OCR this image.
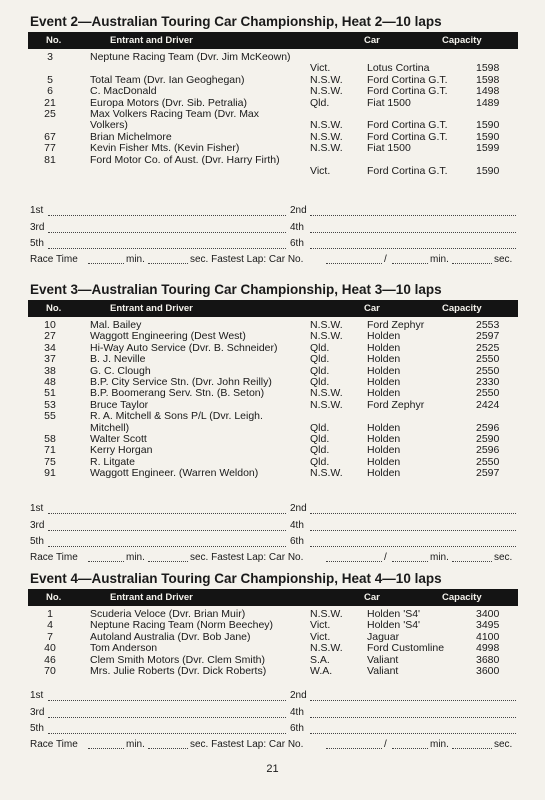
Event 2—Australian Touring Car Championship, Heat 2—10 laps
No.	Entrant and Driver	Car	Capacity
3	Neptune Racing Team (Dvr. Jim McKeown)
Vict.	Lotus Cortina	1598
5	Total Team (Dvr. Ian Geoghegan)	N.S.W. Ford Cortina G.T.	1598
6	C. MacDonald	N.S.W. Ford Cortina G.T.	1498
21	Europa Motors (Dvr. Sib. Petralia)	Qld.	Fiat 1500	1489
25	Max Volkers Racing Team (Dvr. Max
Volkers)	N.S.W. Ford Cortina G.T.	1590
67	Brian Michelmore	N.S.W. Ford Cortina G.T.	1590
77	Kevin Fisher Mts. (Kevin Fisher)	N.S.W. Fiat 1500	1599
81	Ford Motor Co. of Aust. (Dvr. Harry Firth)
Vict.	Ford Cortina G.T.	1590
1st	2nd
3rd	4th
5th	6th
Race Time	min.	sec. Fastest Lap: Car No.	/	min.	sec.
Event 3—Australian Touring Car Championship, Heat 3—10 laps
No.	Entrant and Driver	Car	Capacity
10	Mal. Bailey	N.S.W. Ford Zephyr	2553
27	Waggott Engineering (Dest West)	N.S.W. Holden	2597
34	Hi-Way Auto Service (Dvr. B. Schneider)	Qld.	Holden	2525
37	B. J. Neville	Qld.	Holden	2550
38	G. C. Clough	Qld.	Holden	2550
48	B.P. City Service Stn. (Dvr. John Reilly)	Qld.	Holden	2330
51	B.P. Boomerang Serv. Stn. (B. Seton)	N.S.W. Holden	2550
53	Bruce Taylor	N.S.W. Ford Zephyr	2424
55	R. A. Mitchell & Sons P/L (Dvr. Leigh.
Mitchell)	Qld.	Holden	2596
58	Walter Scott	Qld.	Holden	2590
71	Kerry Horgan	Qld.	Holden	2596
75	R. Litgate	Qld.	Holden	2550
91	Waggott Engineer. (Warren Weldon)	N.S.W. Holden	2597
1st	2nd
3rd	4th
5th	6th
Race Time	min.	sec. Fastest Lap: Car No.	/	min.	sec.
Event 4—Australian Touring Car Championship, Heat 4—10 laps
No.	Entrant and Driver	Car	Capacity
1	Scuderia Veloce (Dvr. Brian Muir)	N.S.W. Holden 'S4'	3400
4	Neptune Racing Team (Norm Beechey)	Vict.	Holden 'S4'	3495
7	Autoland Australia (Dvr. Bob Jane)	Vict.	Jaguar	4100
40	Tom Anderson	N.S.W. Ford Customline	4998
46	Clem Smith Motors (Dvr. Clem Smith)	S.A.	Valiant	3680
70	Mrs. Julie Roberts (Dvr. Dick Roberts)	W.A.	Valiant	3600
1st	2nd
3rd	4th
5th	6th
Race Time	min.	sec. Fastest Lap: Car No.	/	min.	sec.
21
